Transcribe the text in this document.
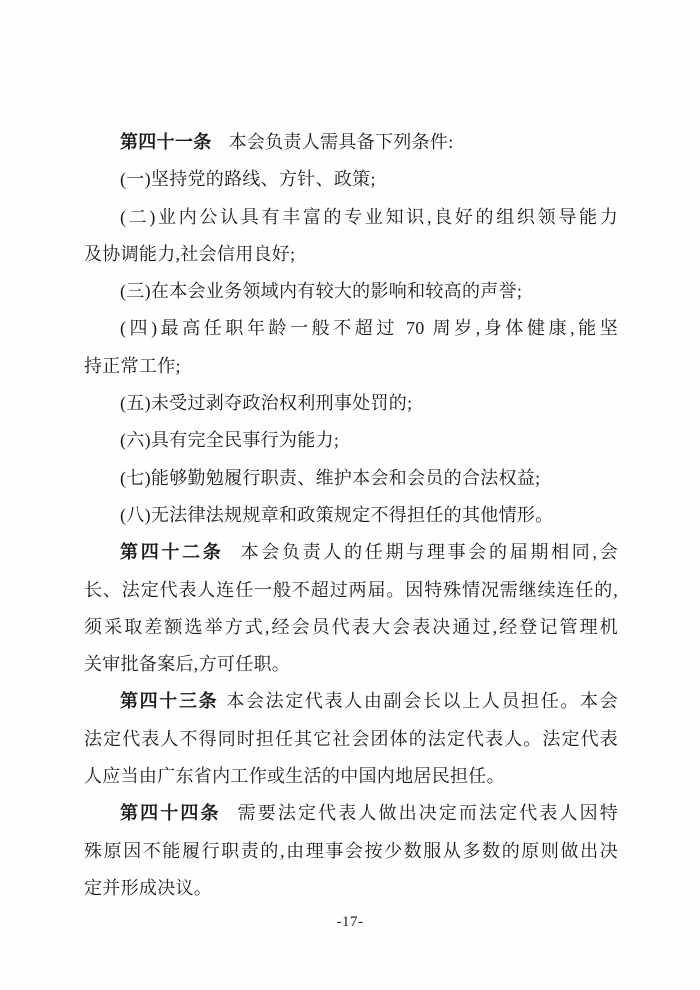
第四十一条 本会负责人需具备下列条件:
(一)坚持党的路线、方针、政策;
(二)业内公认具有丰富的专业知识,良好的组织领导能力
及协调能力,社会信用良好;
(三)在本会业务领域内有较大的影响和较高的声誉;
(四)最高任职年龄一般不超过 70 周岁,身体健康,能坚
持正常工作;
(五)未受过剥夺政治权利刑事处罚的;
(六)具有完全民事行为能力;
(七)能够勤勉履行职责、维护本会和会员的合法权益;
(八)无法律法规规章和政策规定不得担任的其他情形。
第四十二条 本会负责人的任期与理事会的届期相同,会
长、法定代表人连任一般不超过两届。因特殊情况需继续连任的,
须采取差额选举方式,经会员代表大会表决通过,经登记管理机
关审批备案后,方可任职。
第四十三条 本会法定代表人由副会长以上人员担任。本会
法定代表人不得同时担任其它社会团体的法定代表人。法定代表
人应当由广东省内工作或生活的中国内地居民担任。
第四十四条 需要法定代表人做出决定而法定代表人因特
殊原因不能履行职责的,由理事会按少数服从多数的原则做出决
定并形成决议。
-17-
